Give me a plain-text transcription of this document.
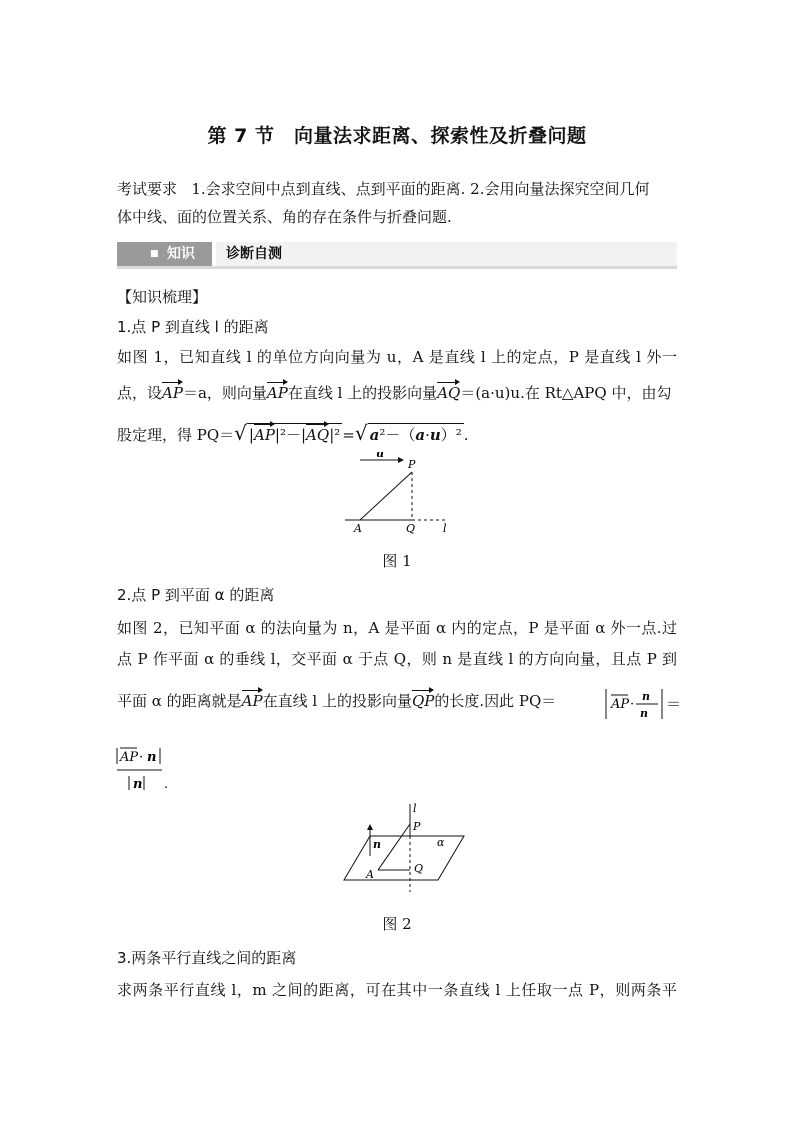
第 7 节　向量法求距离、探索性及折叠问题
考试要求 1.会求空间中点到直线、点到平面的距离. 2.会用向量法探究空间几何
体中线、面的位置关系、角的存在条件与折叠问题.
■ 知识 诊断自测
【知识梳理】
1.点 P 到直线 l 的距离
如图 1，已知直线 l 的单位方向向量为 u，A 是直线 l 上的定点，P 是直线 l 外一
点，设AP＝a，则向量AP在直线 l 上的投影向量AQ＝(a·u)u.在 Rt△APQ 中，由勾
股定理，得 PQ＝√ |AP|²－|AQ|² =√ a²－（a·u）² .
u
P
A	Q	l
图 1
2.点 P 到平面 α 的距离
如图 2，已知平面 α 的法向量为 n，A 是平面 α 内的定点，P 是平面 α 外一点.过
点 P 作平面 α 的垂线 l，交平面 α 于点 Q，则 n 是直线 l 的方向向量，且点 P 到
平面 α 的距离就是AP在直线 l 上的投影向量QP的长度.因此 PQ＝	AP ·
n
n
＝
AP · n
n .
n
P
l
Q
A
α
图 2
3.两条平行直线之间的距离
求两条平行直线 l，m 之间的距离，可在其中一条直线 l 上任取一点 P，则两条平
